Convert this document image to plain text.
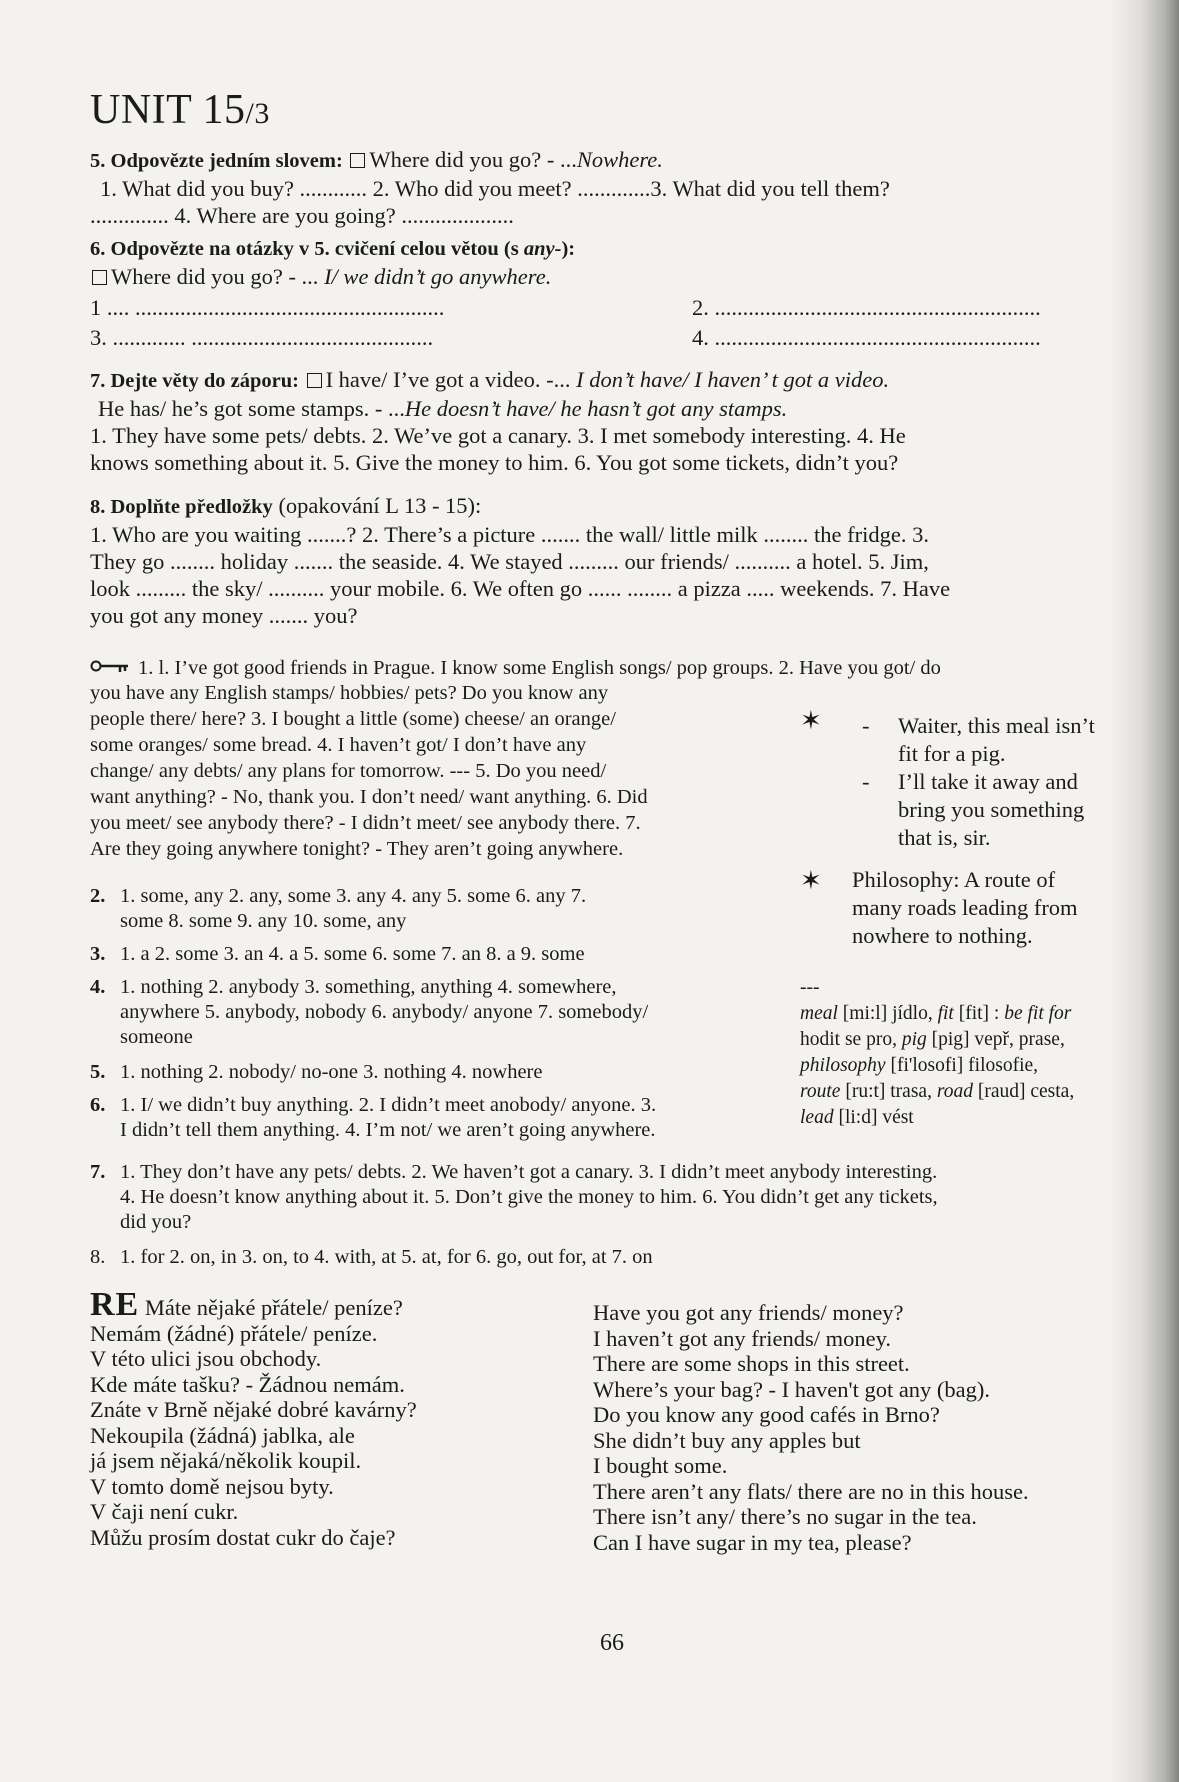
UNIT 15/3
5. Odpovězte jedním slovem: Where did you go? - ...Nowhere.
1. What did you buy? ............ 2. Who did you meet? .............3. What did you tell them?
.............. 4. Where are you going? ....................
6. Odpovězte na otázky v 5. cvičení celou větou (s any-):
Where did you go? - ... I/ we didn’t go anywhere.
1 .... .......................................................	2. ..........................................................
3. ............. ...........................................	4. ..........................................................
7. Dejte věty do záporu: I have/ I’ve got a video. -... I don’t have/ I haven’ t got a video.
He has/ he’s got some stamps. - ...He doesn’t have/ he hasn’t got any stamps.
1. They have some pets/ debts. 2. We’ve got a canary. 3. I met somebody interesting. 4. He
knows something about it. 5. Give the money to him. 6. You got some tickets, didn’t you?
8. Doplňte předložky (opakování L 13 - 15):
1. Who are you waiting .......? 2. There’s a picture ....... the wall/ little milk ........ the fridge. 3.
They go ........ holiday ....... the seaside. 4. We stayed ......... our friends/ .......... a hotel. 5. Jim,
look ......... the sky/ .......... your mobile. 6. We often go ...... ........ a pizza ..... weekends. 7. Have
you got any money ....... you?
1. l. I’ve got good friends in Prague. I know some English songs/ pop groups. 2. Have you got/ do
you have any English stamps/ hobbies/ pets? Do you know any
people there/ here? 3. I bought a little (some) cheese/ an orange/
some oranges/ some bread. 4. I haven’t got/ I don’t have any
change/ any debts/ any plans for tomorrow. --- 5. Do you need/
want anything? - No, thank you. I don’t need/ want anything. 6. Did
you meet/ see anybody there? - I didn’t meet/ see anybody there. 7.
Are they going anywhere tonight? - They aren’t going anywhere.
2. 1. some, any 2. any, some 3. any 4. any 5. some 6. any 7.
some 8. some 9. any 10. some, any
3. 1. a 2. some 3. an 4. a 5. some 6. some 7. an 8. a 9. some
4. 1. nothing 2. anybody 3. something, anything 4. somewhere,
anywhere 5. anybody, nobody 6. anybody/ anyone 7. somebody/
someone
5. 1. nothing 2. nobody/ no-one 3. nothing 4. nowhere
6. 1. I/ we didn’t buy anything. 2. I didn’t meet anobody/ anyone. 3.
I didn’t tell them anything. 4. I’m not/ we aren’t going anywhere.
✶ - Waiter, this meal isn’t
fit for a pig.
- I’ll take it away and
bring you something
that is, sir.
✶ Philosophy: A route of
many roads leading from
nowhere to nothing.
---
meal [mi:l] jídlo, fit [fit] : be fit for
hodit se pro, pig [pig] vepř, prase,
philosophy [fi'losofi] filosofie,
route [ru:t] trasa, road [raud] cesta,
lead [li:d] vést
7. 1. They don’t have any pets/ debts. 2. We haven’t got a canary. 3. I didn’t meet anybody interesting.
4. He doesn’t know anything about it. 5. Don’t give the money to him. 6. You didn’t get any tickets,
did you?
8. 1. for 2. on, in 3. on, to 4. with, at 5. at, for 6. go, out for, at 7. on
RE Máte nějaké přátele/ peníze?
Nemám (žádné) přátele/ peníze.
V této ulici jsou obchody.
Kde máte tašku? - Žádnou nemám.
Znáte v Brně nějaké dobré kavárny?
Nekoupila (žádná) jablka, ale
já jsem nějaká/několik koupil.
V tomto domě nejsou byty.
V čaji není cukr.
Můžu prosím dostat cukr do čaje?
Have you got any friends/ money?
I haven’t got any friends/ money.
There are some shops in this street.
Where’s your bag? - I haven't got any (bag).
Do you know any good cafés in Brno?
She didn’t buy any apples but
I bought some.
There aren’t any flats/ there are no in this house.
There isn’t any/ there’s no sugar in the tea.
Can I have sugar in my tea, please?
66
